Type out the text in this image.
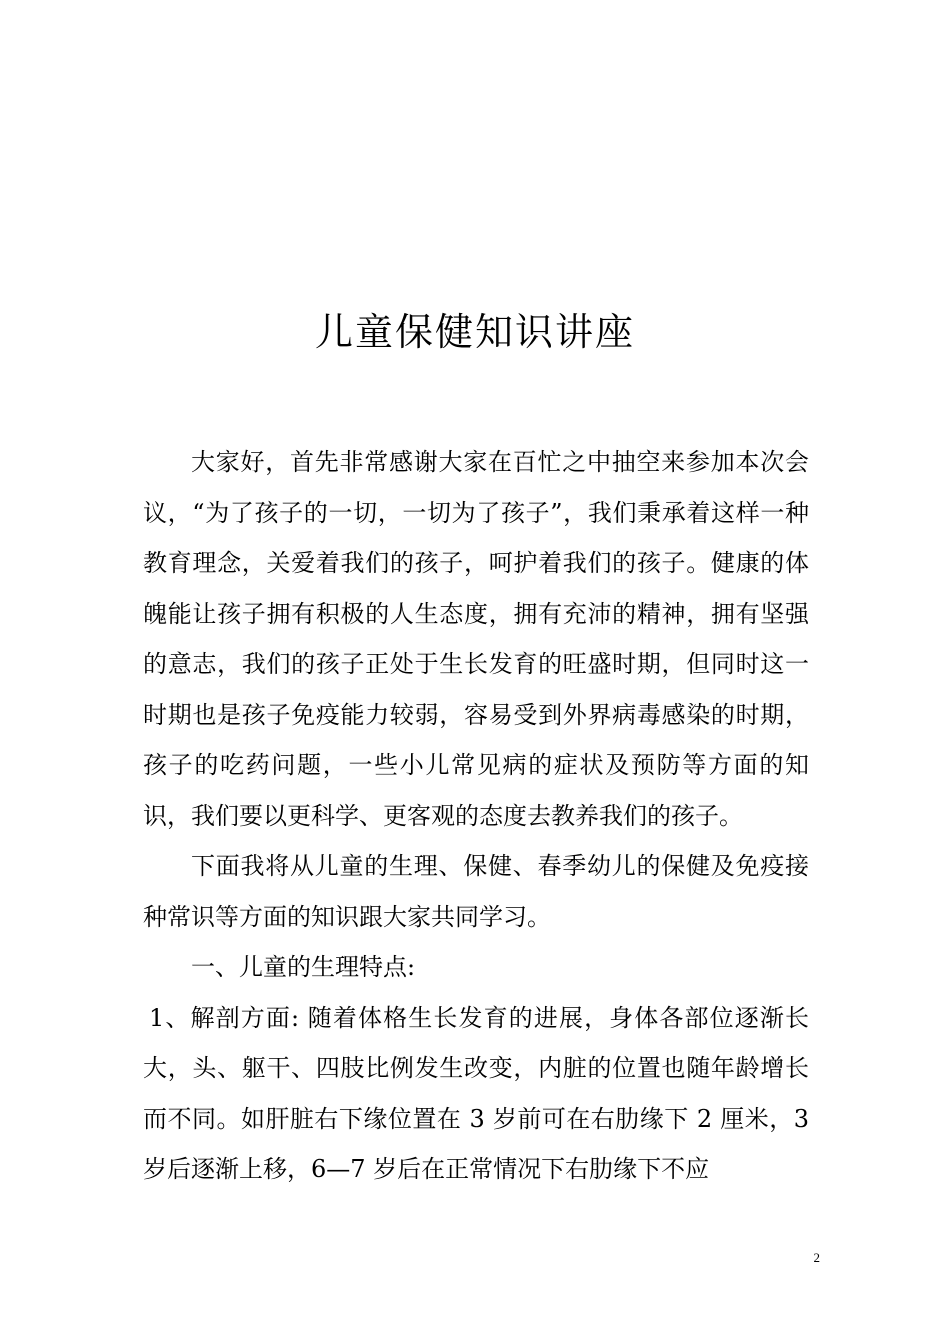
儿童保健知识讲座

大家好，首先非常感谢大家在百忙之中抽空来参加本次会议，“为了孩子的一切，一切为了孩子”，我们秉承着这样一种教育理念，关爱着我们的孩子，呵护着我们的孩子。健康的体魄能让孩子拥有积极的人生态度，拥有充沛的精神，拥有坚强的意志，我们的孩子正处于生长发育的旺盛时期，但同时这一时期也是孩子免疫能力较弱，容易受到外界病毒感染的时期，孩子的吃药问题，一些小儿常见病的症状及预防等方面的知识，我们要以更科学、更客观的态度去教养我们的孩子。

下面我将从儿童的生理、保健、春季幼儿的保健及免疫接种常识等方面的知识跟大家共同学习。

一、儿童的生理特点:

1、解剖方面: 随着体格生长发育的进展，身体各部位逐渐长大，头、躯干、四肢比例发生改变，内脏的位置也随年龄增长而不同。如肝脏右下缘位置在 3 岁前可在右肋缘下 2 厘米，3 岁后逐渐上移，6—7 岁后在正常情况下右肋缘下不应

2
